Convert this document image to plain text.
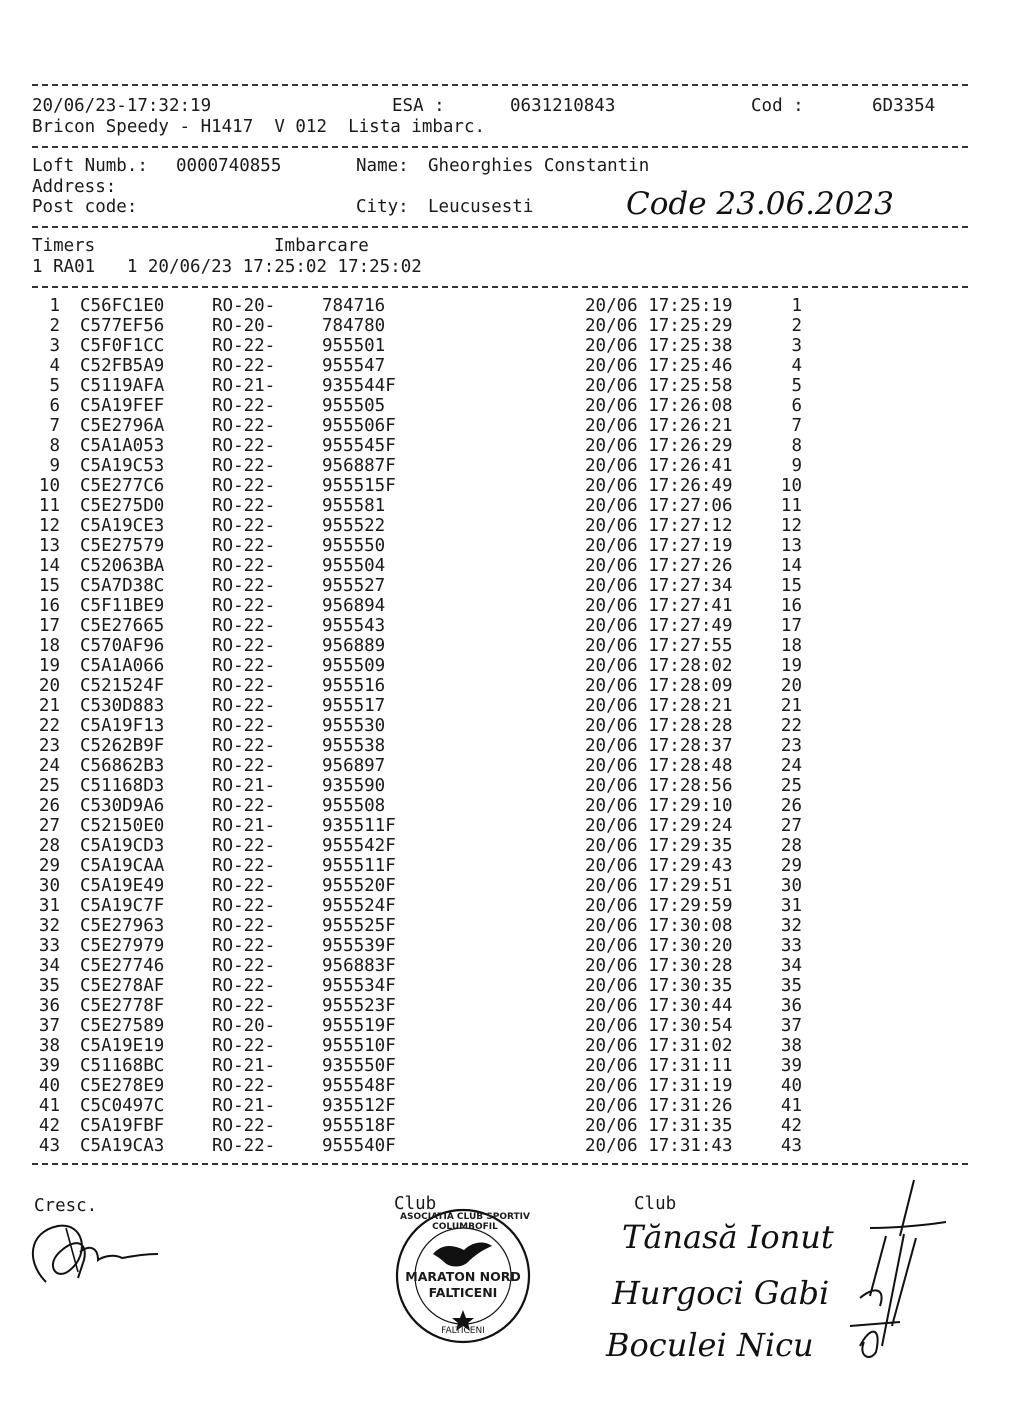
20/06/23-17:32:19	ESA :	0631210843	Cod :	6D3354
Bricon Speedy - H1417  V 012  Lista imbarc.
Loft Numb.: 0000740855	Name: Gheorghies Constantin
Address:
Post code:	City: Leucusesti	Code 23.06.2023
Timers	Imbarcare
1 RA01   1 20/06/23 17:25:02 17:25:02
1 C56FC1E0	RO-20-	784716	20/06 17:25:19	1
2 C577EF56	RO-20-	784780	20/06 17:25:29	2
3 C5F0F1CC	RO-22-	955501	20/06 17:25:38	3
4 C52FB5A9	RO-22-	955547	20/06 17:25:46	4
5 C5119AFA	RO-21-	935544F	20/06 17:25:58	5
6 C5A19FEF	RO-22-	955505	20/06 17:26:08	6
7 C5E2796A	RO-22-	955506F	20/06 17:26:21	7
8 C5A1A053	RO-22-	955545F	20/06 17:26:29	8
9 C5A19C53	RO-22-	956887F	20/06 17:26:41	9
10 C5E277C6	RO-22-	955515F	20/06 17:26:49	10
11 C5E275D0	RO-22-	955581	20/06 17:27:06	11
12 C5A19CE3	RO-22-	955522	20/06 17:27:12	12
13 C5E27579	RO-22-	955550	20/06 17:27:19	13
14 C52063BA	RO-22-	955504	20/06 17:27:26	14
15 C5A7D38C	RO-22-	955527	20/06 17:27:34	15
16 C5F11BE9	RO-22-	956894	20/06 17:27:41	16
17 C5E27665	RO-22-	955543	20/06 17:27:49	17
18 C570AF96	RO-22-	956889	20/06 17:27:55	18
19 C5A1A066	RO-22-	955509	20/06 17:28:02	19
20 C521524F	RO-22-	955516	20/06 17:28:09	20
21 C530D883	RO-22-	955517	20/06 17:28:21	21
22 C5A19F13	RO-22-	955530	20/06 17:28:28	22
23 C5262B9F	RO-22-	955538	20/06 17:28:37	23
24 C56862B3	RO-22-	956897	20/06 17:28:48	24
25 C51168D3	RO-21-	935590	20/06 17:28:56	25
26 C530D9A6	RO-22-	955508	20/06 17:29:10	26
27 C52150E0	RO-21-	935511F	20/06 17:29:24	27
28 C5A19CD3	RO-22-	955542F	20/06 17:29:35	28
29 C5A19CAA	RO-22-	955511F	20/06 17:29:43	29
30 C5A19E49	RO-22-	955520F	20/06 17:29:51	30
31 C5A19C7F	RO-22-	955524F	20/06 17:29:59	31
32 C5E27963	RO-22-	955525F	20/06 17:30:08	32
33 C5E27979	RO-22-	955539F	20/06 17:30:20	33
34 C5E27746	RO-22-	956883F	20/06 17:30:28	34
35 C5E278AF	RO-22-	955534F	20/06 17:30:35	35
36 C5E2778F	RO-22-	955523F	20/06 17:30:44	36
37 C5E27589	RO-20-	955519F	20/06 17:30:54	37
38 C5A19E19	RO-22-	955510F	20/06 17:31:02	38
39 C51168BC	RO-21-	935550F	20/06 17:31:11	39
40 C5E278E9	RO-22-	955548F	20/06 17:31:19	40
41 C5C0497C	RO-21-	935512F	20/06 17:31:26	41
42 C5A19FBF	RO-22-	955518F	20/06 17:31:35	42
43 C5A19CA3	RO-22-	955540F	20/06 17:31:43	43
Cresc.	Club	Club
MARATON NORD
FALTICENI
ASOCIATIA CLUB SPORTIV COLUMBOFIL
FALTICENI
Tănasă Ionut
Hurgoci Gabi
Boculei Nicu
